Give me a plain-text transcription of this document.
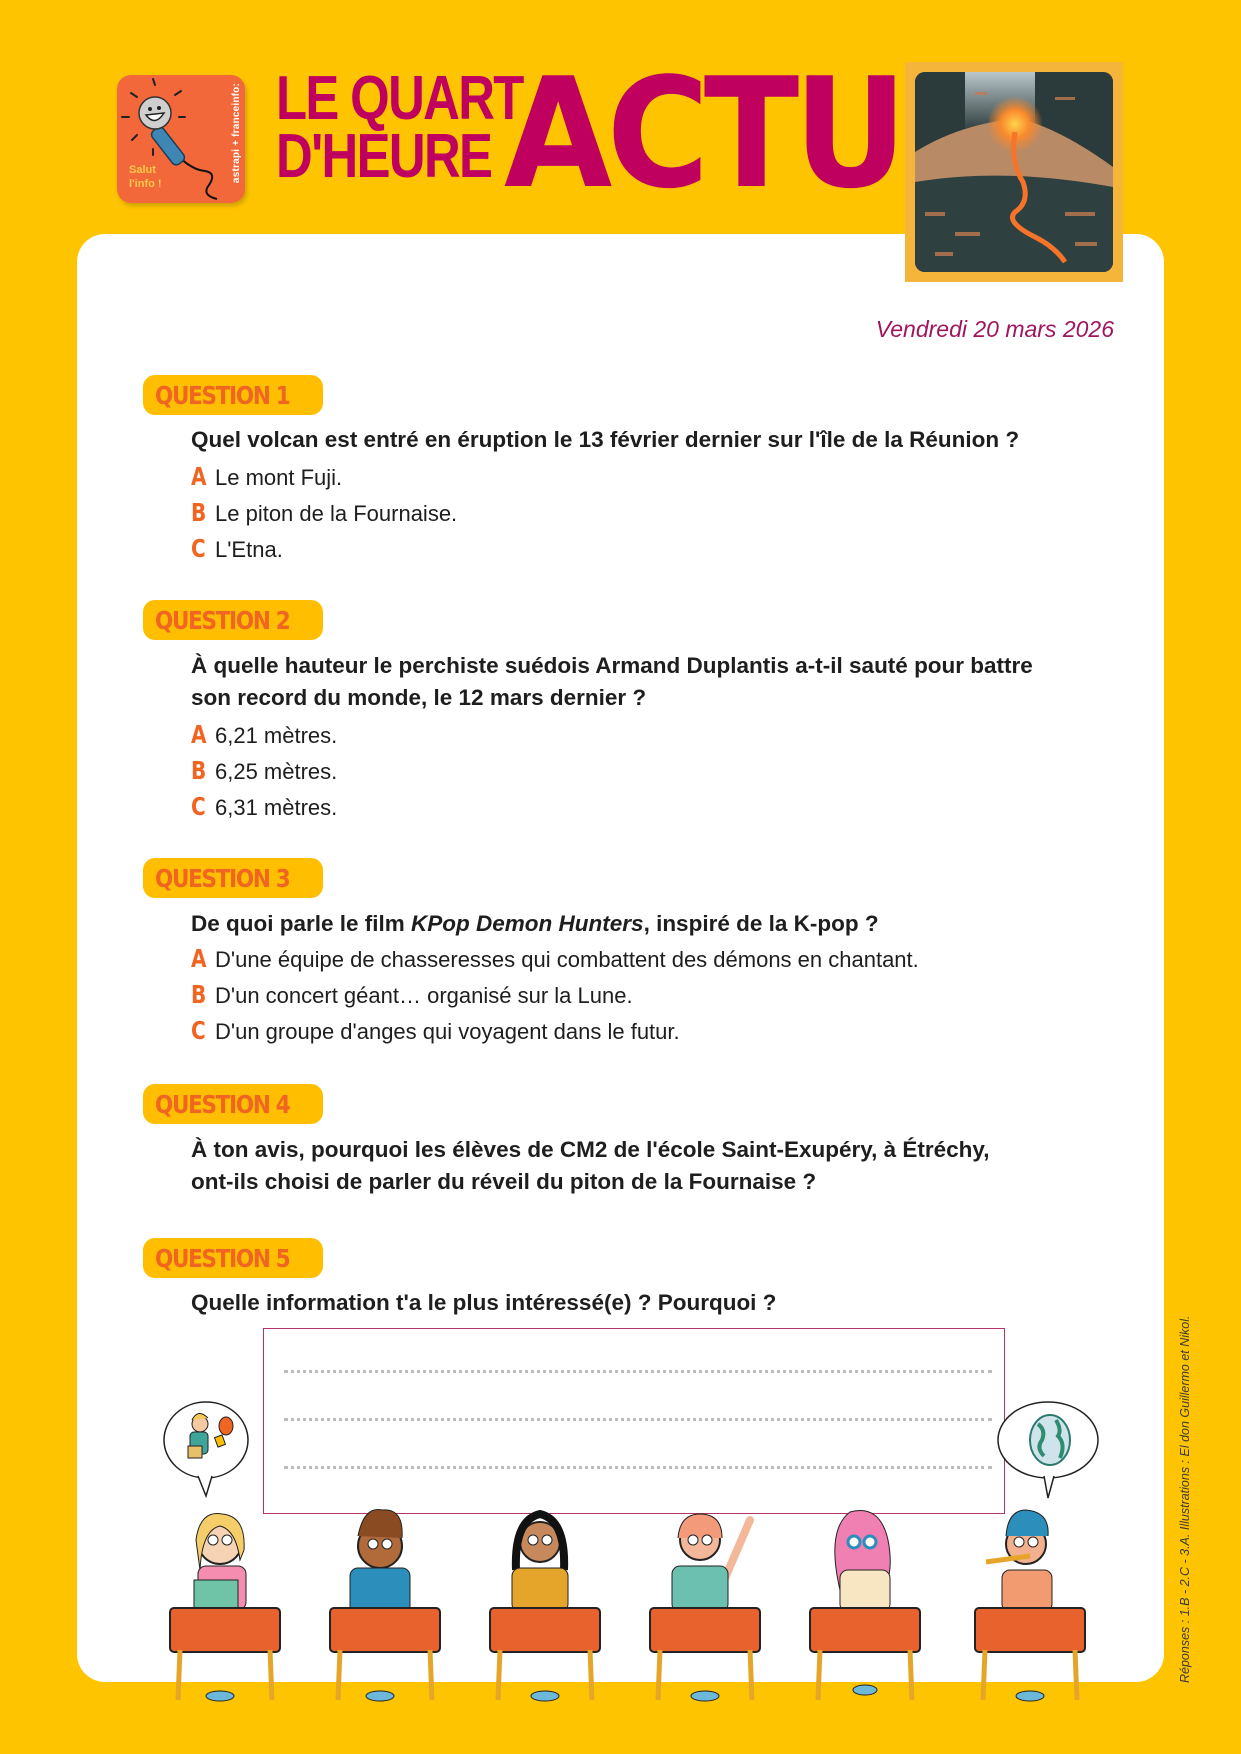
Salut
l'info !
astrapi + franceinfo: LE QUART
D'HEURE ACTU
Vendredi 20 mars 2026
QUESTION 1
Quel volcan est entré en éruption le 13 février dernier sur l'île de la Réunion ?
A Le mont Fuji.
B Le piton de la Fournaise.
C L'Etna.
QUESTION 2
À quelle hauteur le perchiste suédois Armand Duplantis a-t-il sauté pour battre
son record du monde, le 12 mars dernier ?
A 6,21 mètres.
B 6,25 mètres.
C 6,31 mètres.
QUESTION 3
De quoi parle le film KPop Demon Hunters, inspiré de la K-pop ?
A D'une équipe de chasseresses qui combattent des démons en chantant.
B D'un concert géant… organisé sur la Lune.
C D'un groupe d'anges qui voyagent dans le futur.
QUESTION 4
À ton avis, pourquoi les élèves de CM2 de l'école Saint-Exupéry, à Étréchy,
ont-ils choisi de parler du réveil du piton de la Fournaise ?
QUESTION 5
Quelle information t'a le plus intéressé(e) ? Pourquoi ?
Réponses : 1.B - 2.C - 3.A. Illustrations : El don Guillermo et Nikol.
